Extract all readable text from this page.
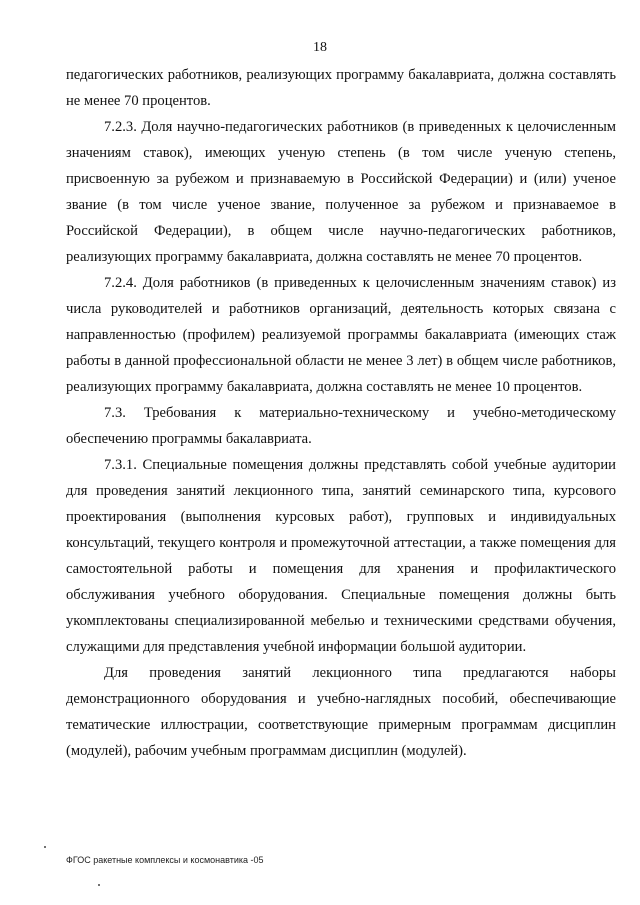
18

педагогических работников, реализующих программу бакалавриата, должна составлять не менее 70 процентов.

7.2.3. Доля научно-педагогических работников (в приведенных к целочисленным значениям ставок), имеющих ученую степень (в том числе ученую степень, присвоенную за рубежом и признаваемую в Российской Федерации) и (или) ученое звание (в том числе ученое звание, полученное за рубежом и признаваемое в Российской Федерации), в общем числе научно-педагогических работников, реализующих программу бакалавриата, должна составлять не менее 70 процентов.

7.2.4. Доля работников (в приведенных к целочисленным значениям ставок) из числа руководителей и работников организаций, деятельность которых связана с направленностью (профилем) реализуемой программы бакалавриата (имеющих стаж работы в данной профессиональной области не менее 3 лет) в общем числе работников, реализующих программу бакалавриата, должна составлять не менее 10 процентов.

7.3. Требования к материально-техническому и учебно-методическому обеспечению программы бакалавриата.

7.3.1. Специальные помещения должны представлять собой учебные аудитории для проведения занятий лекционного типа, занятий семинарского типа, курсового проектирования (выполнения курсовых работ), групповых и индивидуальных консультаций, текущего контроля и промежуточной аттестации, а также помещения для самостоятельной работы и помещения для хранения и профилактического обслуживания учебного оборудования. Специальные помещения должны быть укомплектованы специализированной мебелью и техническими средствами обучения, служащими для представления учебной информации большой аудитории.

Для проведения занятий лекционного типа предлагаются наборы демонстрационного оборудования и учебно-наглядных пособий, обеспечивающие тематические иллюстрации, соответствующие примерным программам дисциплин (модулей), рабочим учебным программам дисциплин (модулей).

ФГОС ракетные комплексы и космонавтика -05
